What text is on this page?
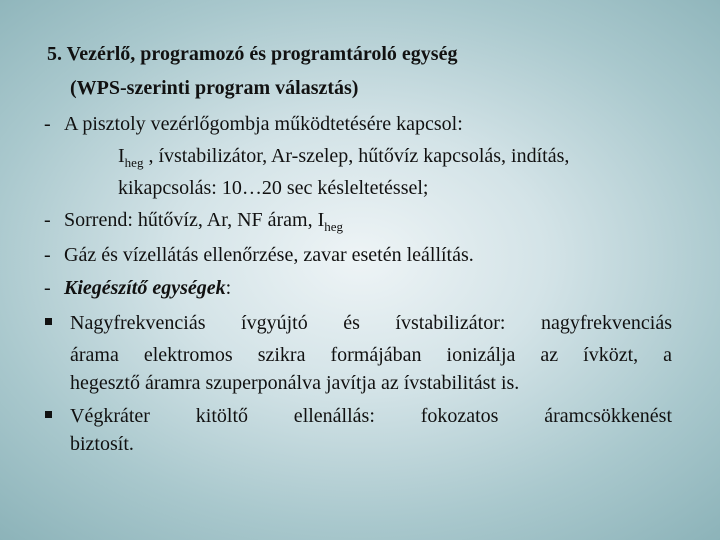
5. Vezérlő, programozó és programtároló egység
(WPS-szerinti program választás)
- A pisztoly vezérlőgombja működtetésére kapcsol:
$I_{heg}$ , ívstabilizátor, Ar-szelep, hűtővíz kapcsolás, indítás,
kikapcsolás: 10…20 sec késleltetéssel;
- Sorrend: hűtővíz, Ar, NF áram, $I_{heg}$
- Gáz és vízellátás ellenőrzése, zavar esetén leállítás.
- Kiegészítő egységek:
Nagyfrekvenciás ívgyújtó és ívstabilizátor: nagyfrekvenciás
árama elektromos szikra formájában ionizálja az ívközt, a
hegesztő áramra szuperponálva javítja az ívstabilitást is.
Végkráter kitöltő ellenállás: fokozatos áramcsökkenést
biztosít.
